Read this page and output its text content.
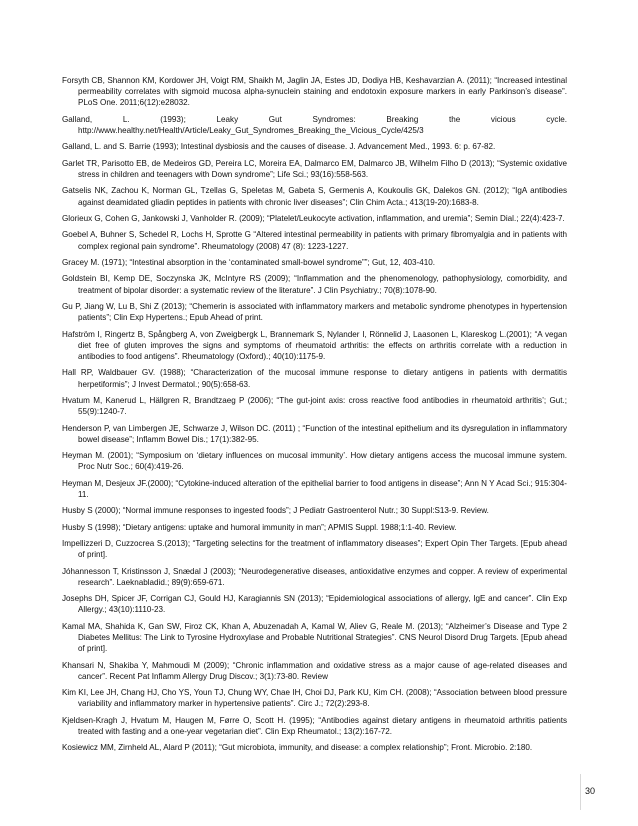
Forsyth CB, Shannon KM, Kordower JH, Voigt RM, Shaikh M, Jaglin JA, Estes JD, Dodiya HB, Keshavarzian A. (2011); “Increased intestinal permeability correlates with sigmoid mucosa alpha-synuclein staining and endotoxin exposure markers in early Parkinson’s disease”. PLoS One. 2011;6(12):e28032.
Galland, L. (1993); Leaky Gut Syndromes: Breaking the vicious cycle. http://www.healthy.net/Health/Article/Leaky_Gut_Syndromes_Breaking_the_Vicious_Cycle/425/3
Galland, L. and S. Barrie (1993); Intestinal dysbiosis and the causes of disease. J. Advancement Med., 1993. 6: p. 67-82.
Garlet TR, Parisotto EB, de Medeiros GD, Pereira LC, Moreira EA, Dalmarco EM, Dalmarco JB, Wilhelm Filho D (2013); “Systemic oxidative stress in children and teenagers with Down syndrome”; Life Sci.; 93(16):558-563.
Gatselis NK, Zachou K, Norman GL, Tzellas G, Speletas M, Gabeta S, Germenis A, Koukoulis GK, Dalekos GN. (2012); “IgA antibodies against deamidated gliadin peptides in patients with chronic liver diseases”; Clin Chim Acta.; 413(19-20):1683-8.
Glorieux G, Cohen G, Jankowski J, Vanholder R. (2009); “Platelet/Leukocyte activation, inflammation, and uremia”; Semin Dial.; 22(4):423-7.
Goebel A, Buhner S, Schedel R, Lochs H, Sprotte G “Altered intestinal permeability in patients with primary fibromyalgia and in patients with complex regional pain syndrome”. Rheumatology (2008) 47 (8): 1223-1227.
Gracey M. (1971); “Intestinal absorption in the ‘contaminated small-bowel syndrome””; Gut, 12, 403-410.
Goldstein BI, Kemp DE, Soczynska JK, McIntyre RS (2009); “Inflammation and the phenomenology, pathophysiology, comorbidity, and treatment of bipolar disorder: a systematic review of the literature”. J Clin Psychiatry.; 70(8):1078-90.
Gu P, Jiang W, Lu B, Shi Z (2013); “Chemerin is associated with inflammatory markers and metabolic syndrome phenotypes in hypertension patients”; Clin Exp Hypertens.; Epub Ahead of print.
Hafström I, Ringertz B, Spångberg A, von Zweigbergk L, Brannemark S, Nylander I, Rönnelid J, Laasonen L, Klareskog L.(2001); “A vegan diet free of gluten improves the signs and symptoms of rheumatoid arthritis: the effects on arthritis correlate with a reduction in antibodies to food antigens”. Rheumatology (Oxford).; 40(10):1175-9.
Hall RP, Waldbauer GV. (1988); “Characterization of the mucosal immune response to dietary antigens in patients with dermatitis herpetiformis”; J Invest Dermatol.; 90(5):658-63.
Hvatum M, Kanerud L, Hällgren R, Brandtzaeg P (2006); “The gut-joint axis: cross reactive food antibodies in rheumatoid arthritis’; Gut.; 55(9):1240-7.
Henderson P, van Limbergen JE, Schwarze J, Wilson DC. (2011) ; “Function of the intestinal epithelium and its dysregulation in inflammatory bowel disease”; Inflamm Bowel Dis.; 17(1):382-95.
Heyman M. (2001); “Symposium on ‘dietary influences on mucosal immunity’. How dietary antigens access the mucosal immune system. Proc Nutr Soc.; 60(4):419-26.
Heyman M, Desjeux JF.(2000); “Cytokine-induced alteration of the epithelial barrier to food antigens in disease”; Ann N Y Acad Sci.; 915:304-11.
Husby S (2000); “Normal immune responses to ingested foods”; J Pediatr Gastroenterol Nutr.; 30 Suppl:S13-9. Review.
Husby S (1998); “Dietary antigens: uptake and humoral immunity in man”; APMIS Suppl. 1988;1:1-40. Review.
Impellizzeri D, Cuzzocrea S.(2013); “Targeting selectins for the treatment of inflammatory diseases”; Expert Opin Ther Targets. [Epub ahead of print].
Jóhannesson T, Kristinsson J, Snædal J (2003); “Neurodegenerative diseases, antioxidative enzymes and copper. A review of experimental research”. Laeknabladid.; 89(9):659-671.
Josephs DH, Spicer JF, Corrigan CJ, Gould HJ, Karagiannis SN (2013); “Epidemiological associations of allergy, IgE and cancer”. Clin Exp Allergy.; 43(10):1110-23.
Kamal MA, Shahida K, Gan SW, Firoz CK, Khan A, Abuzenadah A, Kamal W, Aliev G, Reale M. (2013); “Alzheimer’s Disease and Type 2 Diabetes Mellitus: The Link to Tyrosine Hydroxylase and Probable Nutritional Strategies”. CNS Neurol Disord Drug Targets. [Epub ahead of print].
Khansari N, Shakiba Y, Mahmoudi M (2009); “Chronic inflammation and oxidative stress as a major cause of age-related diseases and cancer”. Recent Pat Inflamm Allergy Drug Discov.; 3(1):73-80. Review
Kim KI, Lee JH, Chang HJ, Cho YS, Youn TJ, Chung WY, Chae IH, Choi DJ, Park KU, Kim CH. (2008); “Association between blood pressure variability and inflammatory marker in hypertensive patients”. Circ J.; 72(2):293-8.
Kjeldsen-Kragh J, Hvatum M, Haugen M, Førre O, Scott H. (1995); “Antibodies against dietary antigens in rheumatoid arthritis patients treated with fasting and a one-year vegetarian diet”. Clin Exp Rheumatol.; 13(2):167-72.
Kosiewicz MM, Zirnheld AL, Alard P (2011); “Gut microbiota, immunity, and disease: a complex relationship”; Front. Microbio. 2:180.
30
